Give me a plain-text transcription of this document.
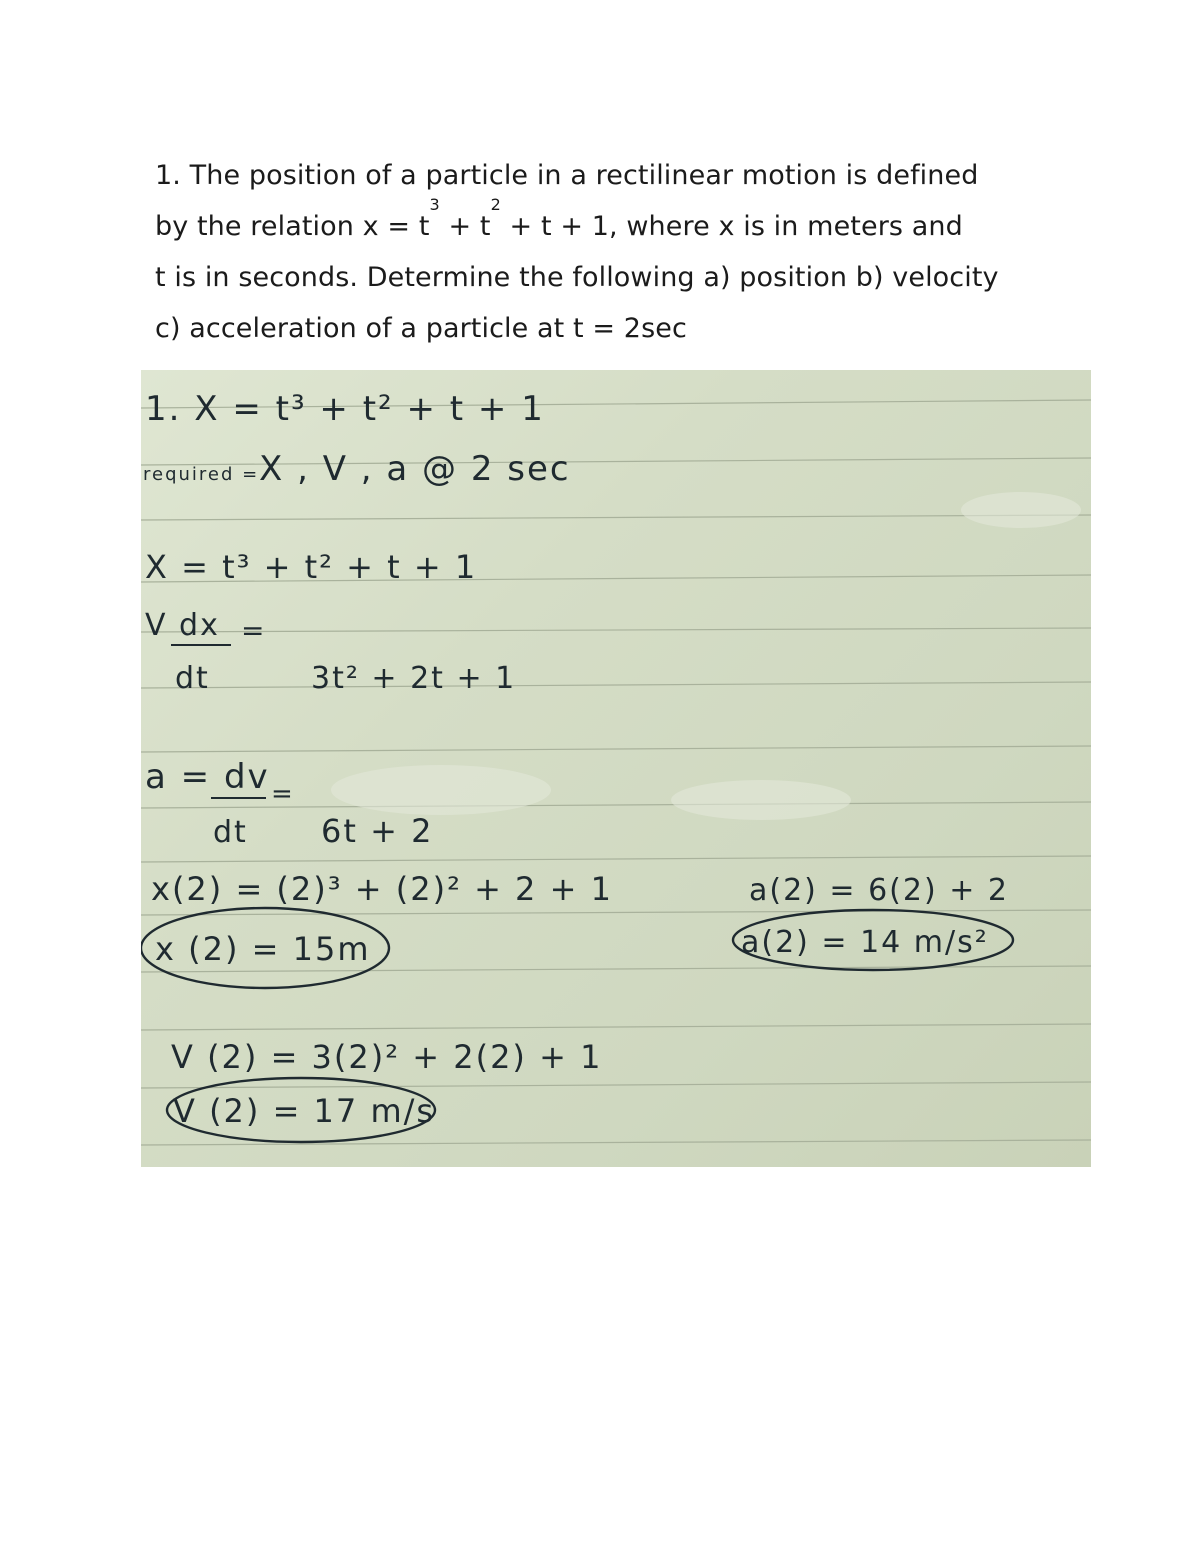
1. The position of a particle in a rectilinear motion is defined
by the relation $x = t^3 + t^2 + t + 1$, where x is in meters and
t is in seconds. Determine the following a) position b) velocity
c) acceleration of a particle at t = 2sec
1. X = t³ + t² + t + 1
required = X , V , a @ 2 sec
X = t³ + t² + t + 1
V dx =
dt	3t² + 2t + 1
a = dv =
dt 6t + 2
x(2) = (2)³ + (2)² + 2 + 1
x (2) = 15m
a(2) = 6(2) + 2
a(2) = 14 m/s²
V (2) = 3(2)² + 2(2) + 1
V (2) = 17 m/s
